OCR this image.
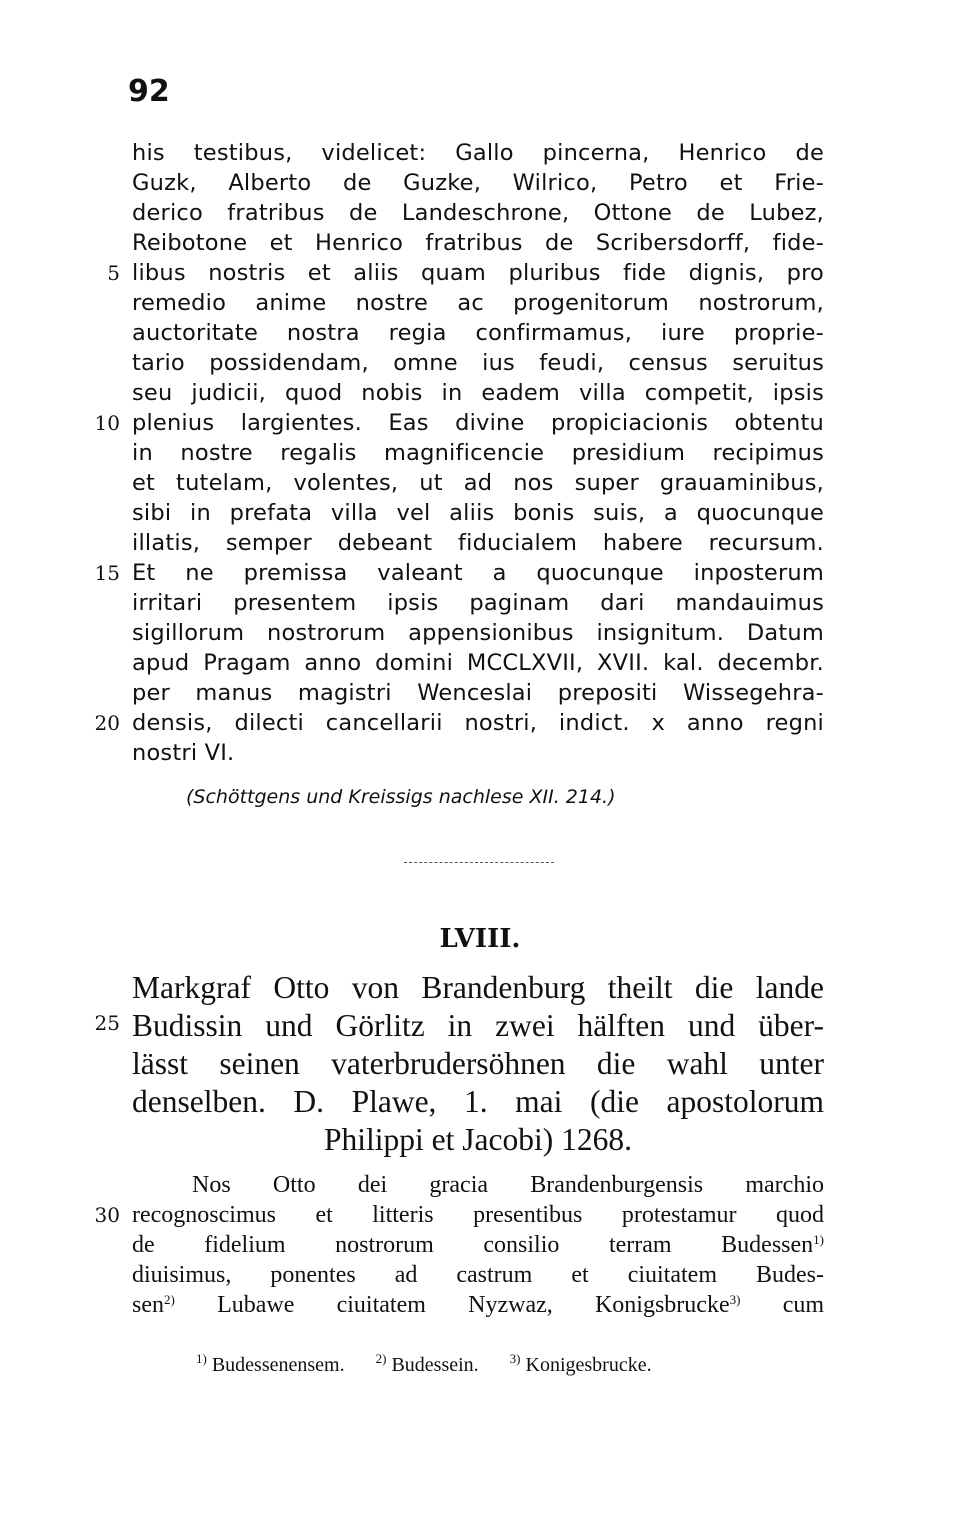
92
his testibus, videlicet: Gallo pincerna, Henrico de
Guzk, Alberto de Guzke, Wilrico, Petro et Frie-
derico fratribus de Landeschrone, Ottone de Lubez,
Reibotone et Henrico fratribus de Scribersdorff, fide-
libus nostris et aliis quam pluribus fide dignis, pro
remedio anime nostre ac progenitorum nostrorum,
auctoritate nostra regia confirmamus, iure proprie-
tario possidendam, omne ius feudi, census seruitus
seu judicii, quod nobis in eadem villa competit, ipsis
plenius largientes. Eas divine propiciacionis obtentu
in nostre regalis magnificencie presidium recipimus
et tutelam, volentes, ut ad nos super grauaminibus,
sibi in prefata villa vel aliis bonis suis, a quocunque
illatis, semper debeant fiducialem habere recursum.
Et ne premissa valeant a quocunque inposterum
irritari presentem ipsis paginam dari mandauimus
sigillorum nostrorum appensionibus insignitum. Datum
apud Pragam anno domini MCCLXVII, XVII. kal. decembr.
per manus magistri Wenceslai prepositi Wissegehra-
densis, dilecti cancellarii nostri, indict. x anno regni
nostri VI.
5
10
15
20
25
30
(Schöttgens und Kreissigs nachlese XII. 214.)
LVIII.
Markgraf Otto von Brandenburg theilt die lande
Budissin und Görlitz in zwei hälften und über-
lässt seinen vaterbrudersöhnen die wahl unter
denselben. D. Plawe, 1. mai (die apostolorum
Philippi et Jacobi) 1268.
Nos Otto dei gracia Brandenburgensis marchio
recognoscimus et litteris presentibus protestamur quod
de fidelium nostrorum consilio terram Budessen$^{1)}$
diuisimus, ponentes ad castrum et ciuitatem Budes-
sen$^{2)}$ Lubawe ciuitatem Nyzwaz, Konigsbrucke$^{3)}$ cum
$^{1)}$ Budessenensem. $^{2)}$ Budessein. $^{3)}$ Konigesbrucke.
